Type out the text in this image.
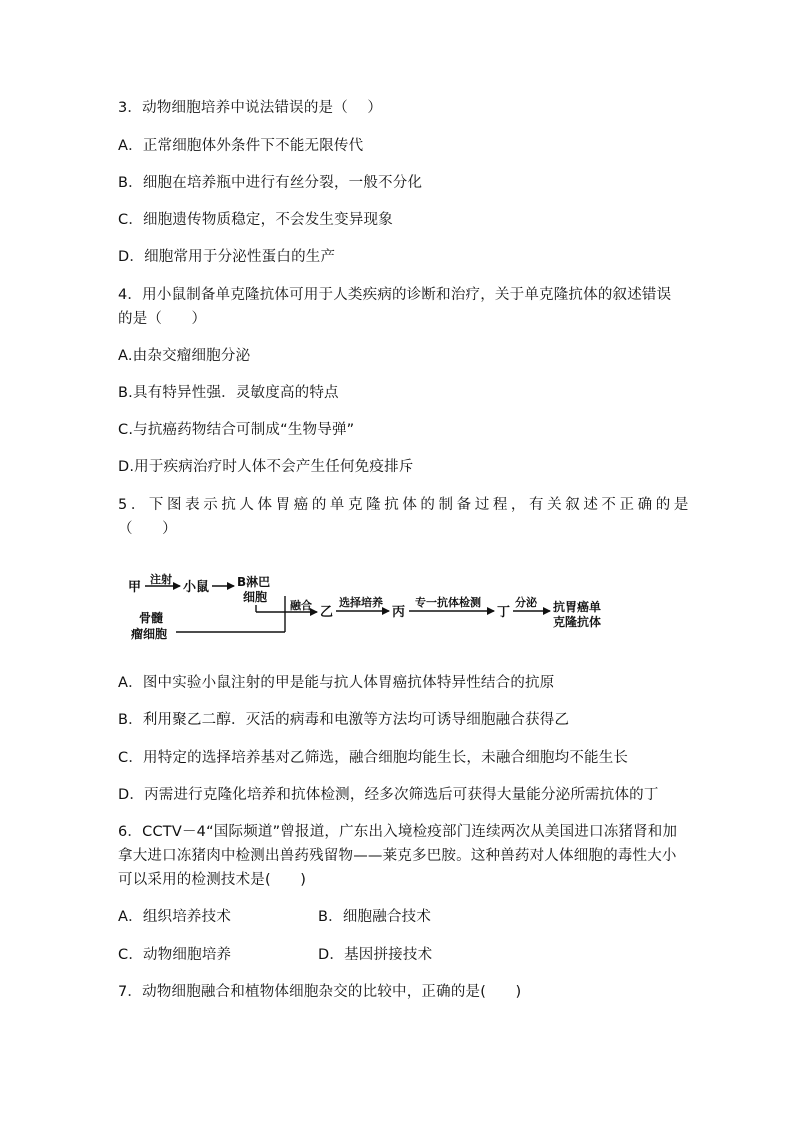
3．动物细胞培养中说法错误的是（　 ）
A．正常细胞体外条件下不能无限传代
B．细胞在培养瓶中进行有丝分裂，一般不分化
C．细胞遗传物质稳定，不会发生变异现象
D．细胞常用于分泌性蛋白的生产
4．用小鼠制备单克隆抗体可用于人类疾病的诊断和治疗，关于单克隆抗体的叙述错误
的是（　　）
A.由杂交瘤细胞分泌
B.具有特异性强．灵敏度高的特点
C.与抗癌药物结合可制成“生物导弹”
D.用于疾病治疗时人体不会产生任何免疫排斥
5．下图表示抗人体胃癌的单克隆抗体的制备过程，有关叙述不正确的是
（　　）
甲
注射
小鼠 B淋巴
细胞
骨髓
瘤细胞
融合 乙
选择培养
丙
专一抗体检测
丁
分泌 抗胃癌单
克隆抗体
A．图中实验小鼠注射的甲是能与抗人体胃癌抗体特异性结合的抗原
B．利用聚乙二醇．灭活的病毒和电激等方法均可诱导细胞融合获得乙
C．用特定的选择培养基对乙筛选，融合细胞均能生长，未融合细胞均不能生长
D．丙需进行克隆化培养和抗体检测，经多次筛选后可获得大量能分泌所需抗体的丁
6．CCTV－4“国际频道”曾报道，广东出入境检疫部门连续两次从美国进口冻猪肾和加
拿大进口冻猪肉中检测出兽药残留物——莱克多巴胺。这种兽药对人体细胞的毒性大小
可以采用的检测技术是(　　)
A．组织培养技术	B．细胞融合技术
C．动物细胞培养	D．基因拼接技术
7．动物细胞融合和植物体细胞杂交的比较中，正确的是(　　)
